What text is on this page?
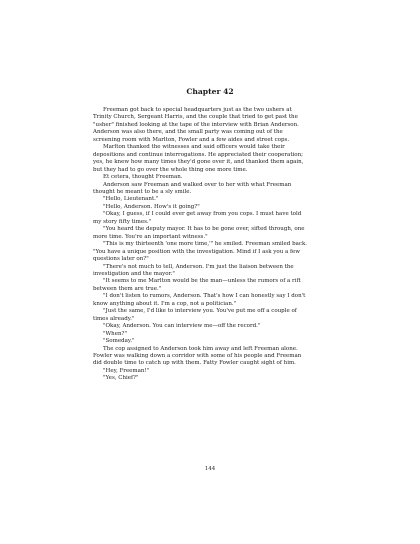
Chapter 42

Freeman got back to special headquarters just as the two ushers at
Trinity Church, Sergeant Harris, and the couple that tried to get past the
"usher" finished looking at the tape of the interview with Brian Anderson.
Anderson was also there, and the small party was coming out of the
screening room with Marlton, Fowler and a few aides and street cops.

Marlton thanked the witnesses and said officers would take their
depositions and continue interrogations. He appreciated their cooperation;
yes, he knew how many times they'd gone over it, and thanked them again,
but they had to go over the whole thing one more time.

Et cetera, thought Freeman.

Anderson saw Freeman and walked over to her with what Freeman
thought he meant to be a sly smile.

"Hello, Lieutenant."

"Hello, Anderson. How's it going?"

"Okay, I guess, if I could ever get away from you cops. I must have told
my story fifty times."

"You heard the deputy mayor. It has to be gone over, sifted through, one
more time. You're an important witness."

"This is my thirteenth 'one more time,'" he smiled. Freeman smiled back.
"You have a unique position with the investigation. Mind if I ask you a few
questions later on?"

"There's not much to tell, Anderson. I'm just the liaison between the
investigation and the mayor."

"It seems to me Marlton would be the man—unless the rumors of a rift
between them are true."

"I don't listen to rumors, Anderson. That's how I can honestly say I don't
know anything about it. I'm a cop, not a politician."

"Just the same, I'd like to interview you. You've put me off a couple of
times already."

"Okay, Anderson. You can interview me—off the record."

"When?"

"Someday."

The cop assigned to Anderson took him away and left Freeman alone.
Fowler was walking down a corridor with some of his people and Freeman
did double time to catch up with them. Fatty Fowler caught sight of him.

"Hey, Freeman!"

"Yes, Chief?"

144
